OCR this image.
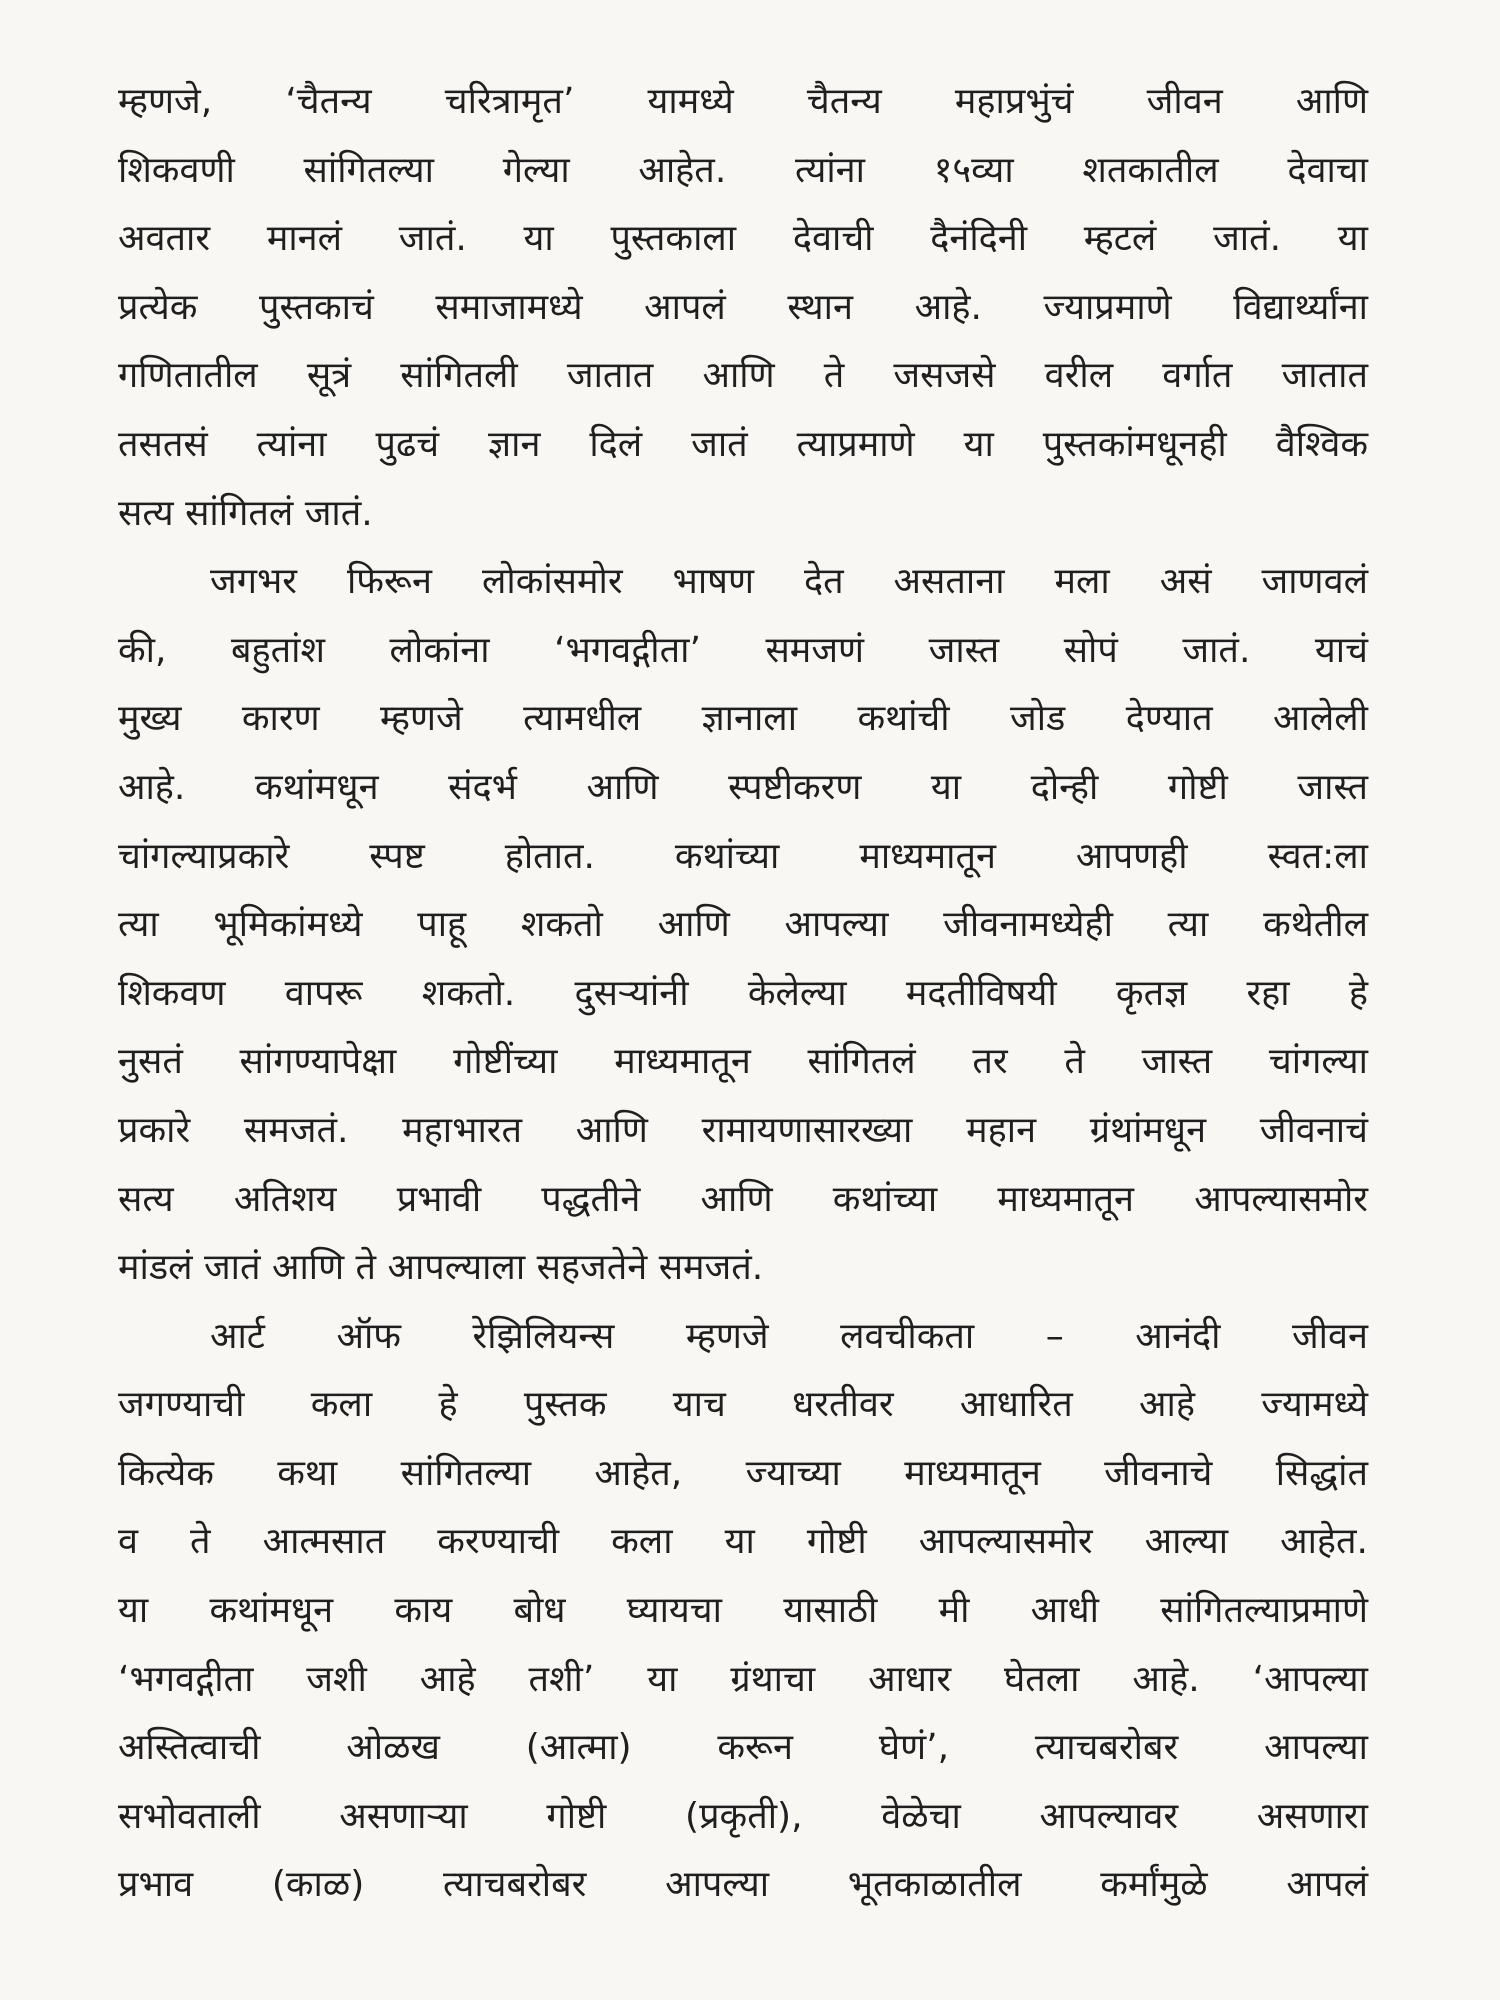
म्हणजे, ‘चैतन्य चरित्रामृत’ यामध्ये चैतन्य महाप्रभुंचं जीवन आणि
शिकवणी सांगितल्या गेल्या आहेत. त्यांना १५व्या शतकातील देवाचा
अवतार मानलं जातं. या पुस्तकाला देवाची दैनंदिनी म्हटलं जातं. या
प्रत्येक पुस्तकाचं समाजामध्ये आपलं स्थान आहे. ज्याप्रमाणे विद्यार्थ्यांना
गणितातील सूत्रं सांगितली जातात आणि ते जसजसे वरील वर्गात जातात
तसतसं त्यांना पुढचं ज्ञान दिलं जातं त्याप्रमाणे या पुस्तकांमधूनही वैश्विक
सत्य सांगितलं जातं.
जगभर फिरून लोकांसमोर भाषण देत असताना मला असं जाणवलं
की, बहुतांश लोकांना ‘भगवद्गीता’ समजणं जास्त सोपं जातं. याचं
मुख्य कारण म्हणजे त्यामधील ज्ञानाला कथांची जोड देण्यात आलेली
आहे. कथांमधून संदर्भ आणि स्पष्टीकरण या दोन्ही गोष्टी जास्त
चांगल्याप्रकारे स्पष्ट होतात. कथांच्या माध्यमातून आपणही स्वत:ला
त्या भूमिकांमध्ये पाहू शकतो आणि आपल्या जीवनामध्येही त्या कथेतील
शिकवण वापरू शकतो. दुसऱ्यांनी केलेल्या मदतीविषयी कृतज्ञ रहा हे
नुसतं सांगण्यापेक्षा गोष्टींच्या माध्यमातून सांगितलं तर ते जास्त चांगल्या
प्रकारे समजतं. महाभारत आणि रामायणासारख्या महान ग्रंथांमधून जीवनाचं
सत्य अतिशय प्रभावी पद्धतीने आणि कथांच्या माध्यमातून आपल्यासमोर
मांडलं जातं आणि ते आपल्याला सहजतेने समजतं.
आर्ट ऑफ रेझिलियन्स म्हणजे लवचीकता – आनंदी जीवन
जगण्याची कला हे पुस्तक याच धरतीवर आधारित आहे ज्यामध्ये
कित्येक कथा सांगितल्या आहेत, ज्याच्या माध्यमातून जीवनाचे सिद्धांत
व ते आत्मसात करण्याची कला या गोष्टी आपल्यासमोर आल्या आहेत.
या कथांमधून काय बोध घ्यायचा यासाठी मी आधी सांगितल्याप्रमाणे
‘भगवद्गीता जशी आहे तशी’ या ग्रंथाचा आधार घेतला आहे. ‘आपल्या
अस्तित्वाची ओळख (आत्मा) करून घेणं’, त्याचबरोबर आपल्या
सभोवताली असणाऱ्या गोष्टी (प्रकृती), वेळेचा आपल्यावर असणारा
प्रभाव (काळ) त्याचबरोबर आपल्या भूतकाळातील कर्मांमुळे आपलं
